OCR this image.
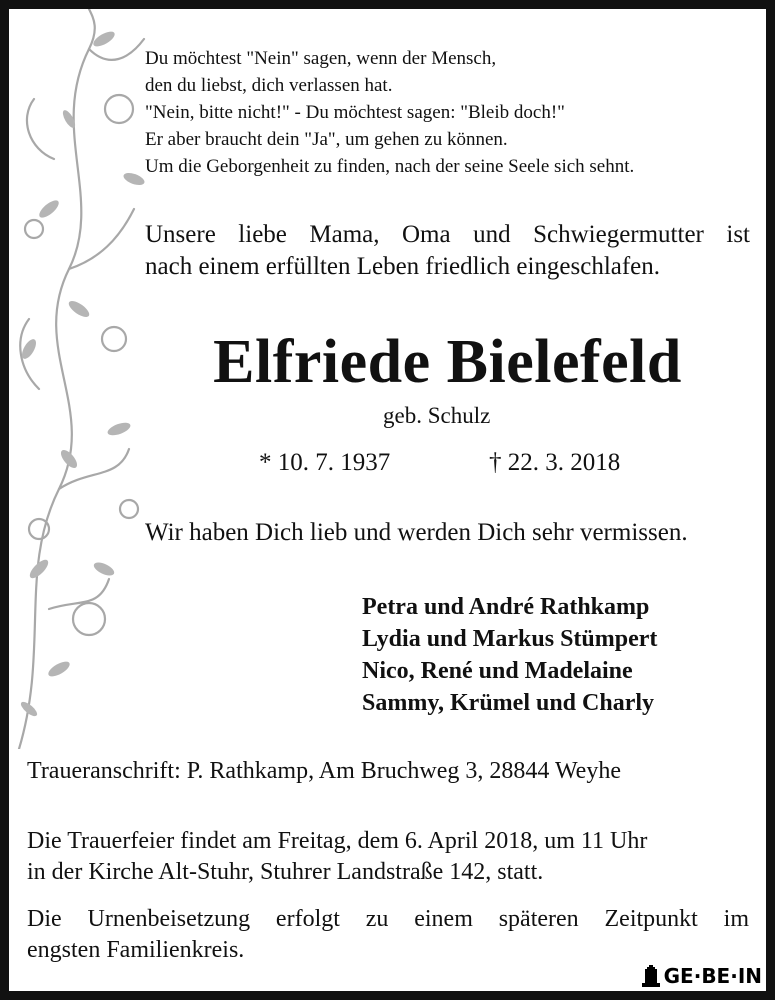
Du möchtest "Nein" sagen, wenn der Mensch,
den du liebst, dich verlassen hat.
"Nein, bitte nicht!" - Du möchtest sagen: "Bleib doch!"
Er aber braucht dein "Ja", um gehen zu können.
Um die Geborgenheit zu finden, nach der seine Seele sich sehnt.
Unsere liebe Mama, Oma und Schwiegermutter ist
nach einem erfüllten Leben friedlich eingeschlafen.
Elfriede Bielefeld
geb. Schulz
* 10. 7. 1937	† 22. 3. 2018
Wir haben Dich lieb und werden Dich sehr vermissen.
Petra und André Rathkamp
Lydia und Markus Stümpert
Nico, René und Madelaine
Sammy, Krümel und Charly
Traueranschrift: P. Rathkamp, Am Bruchweg 3, 28844 Weyhe
Die Trauerfeier findet am Freitag, dem 6. April 2018, um 11 Uhr
in der Kirche Alt-Stuhr, Stuhrer Landstraße 142, statt.
Die Urnenbeisetzung erfolgt zu einem späteren Zeitpunkt im
engsten Familienkreis.
GE·BE·IN
